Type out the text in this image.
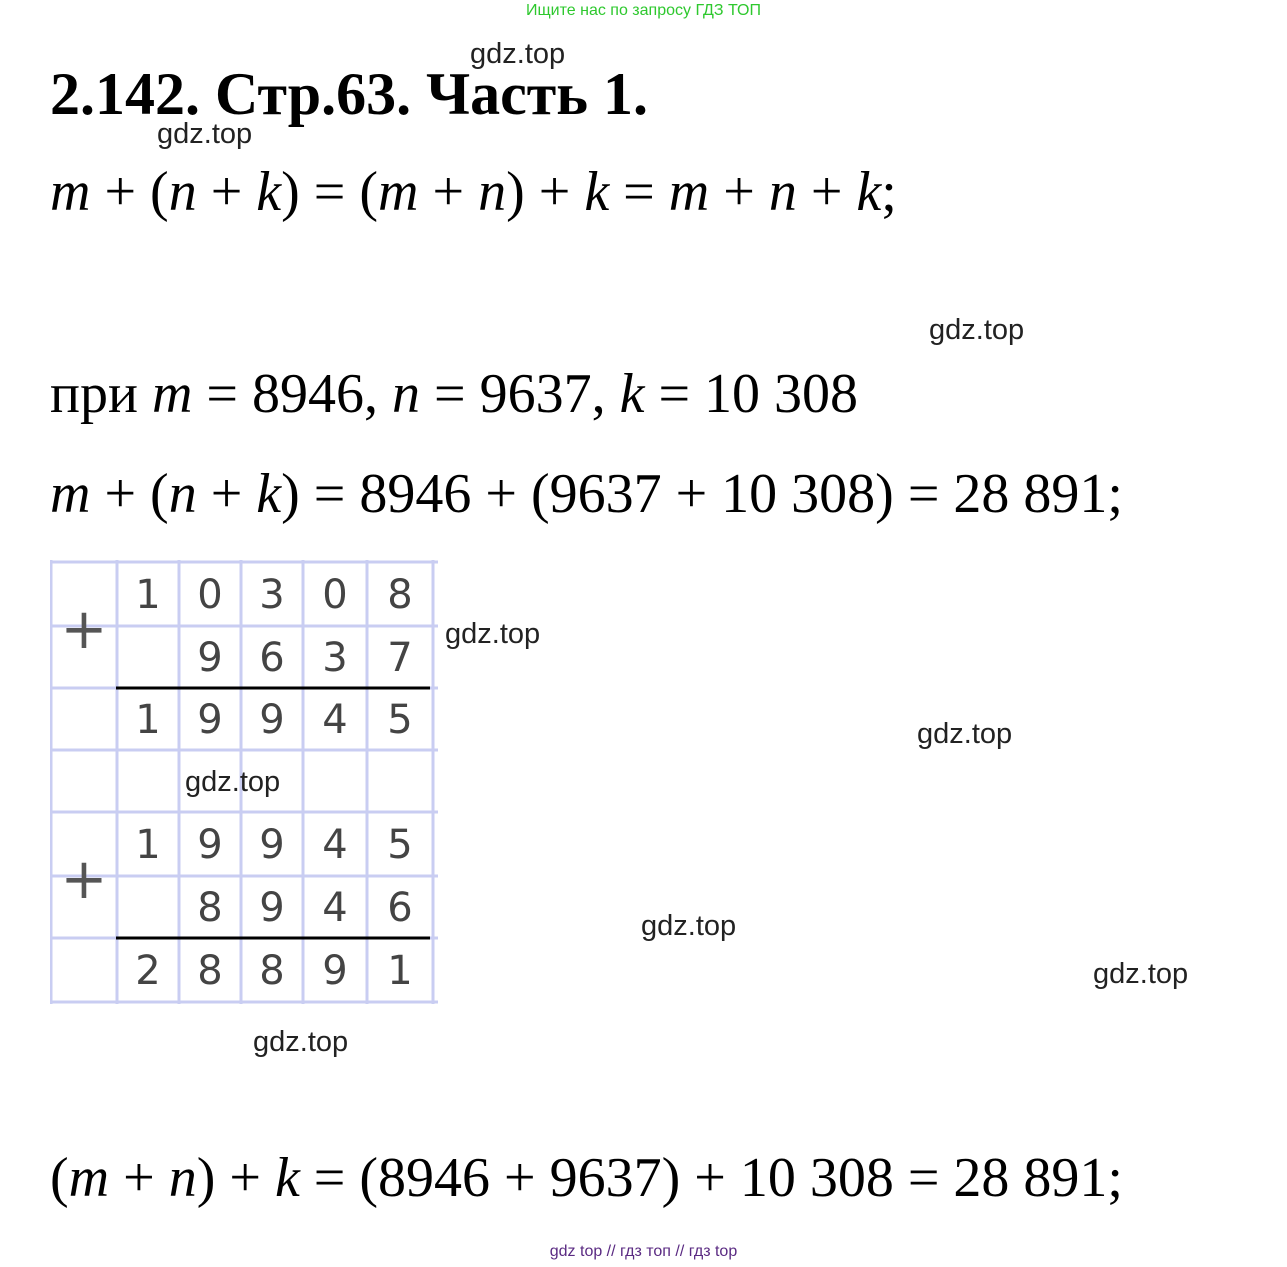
Ищите нас по запросу ГДЗ ТОП
2.142. Стр.63. Часть 1.
m + (n + k) = (m + n) + k = m + n + k;
при m = 8946, n = 9637, k = 10 308
m + (n + k) = 8946 + (9637 + 10 308) = 28 891;
1 0 3 0 8
9 6 3 7
1 9 9 4 5
1 9 9 4 5
8 9 4 6
2 8 8 9 1
+
+
(m + n) + k = (8946 + 9637) + 10 308 = 28 891;
gdz.top
gdz.top
gdz.top
gdz.top
gdz.top
gdz.top
gdz.top
gdz.top
gdz.top
gdz top // гдз топ // гдз top
